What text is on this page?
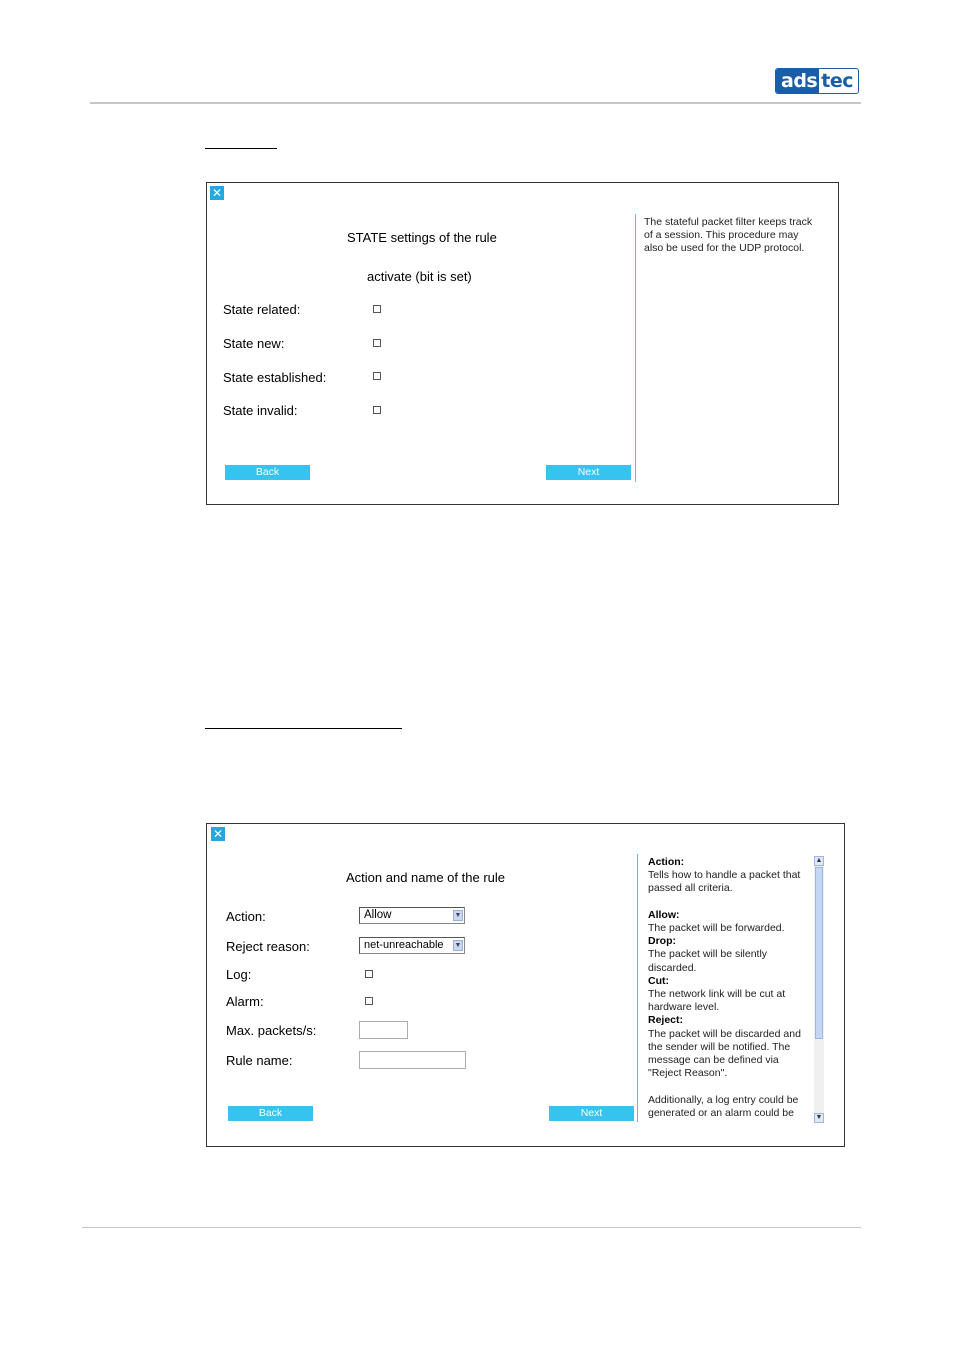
ads tec
✕
STATE settings of the rule
activate (bit is set)
State related:
State new:
State established:
State invalid:
Back	Next
The stateful packet filter keeps track
of a session. This procedure may
also be used for the UDP protocol.
✕
Action and name of the rule
Action:	Allow	▼
Reject reason:	net-unreachable ▼
Log:
Alarm:
Max. packets/s:
Rule name:
Back	Next
Action:
Tells how to handle a packet that
passed all criteria.
Allow:
The packet will be forwarded.
Drop:
The packet will be silently
discarded.
Cut:
The network link will be cut at
hardware level.
Reject:
The packet will be discarded and
the sender will be notified. The
message can be defined via
"Reject Reason".
Additionally, a log entry could be
generated or an alarm could be
▲
▼
